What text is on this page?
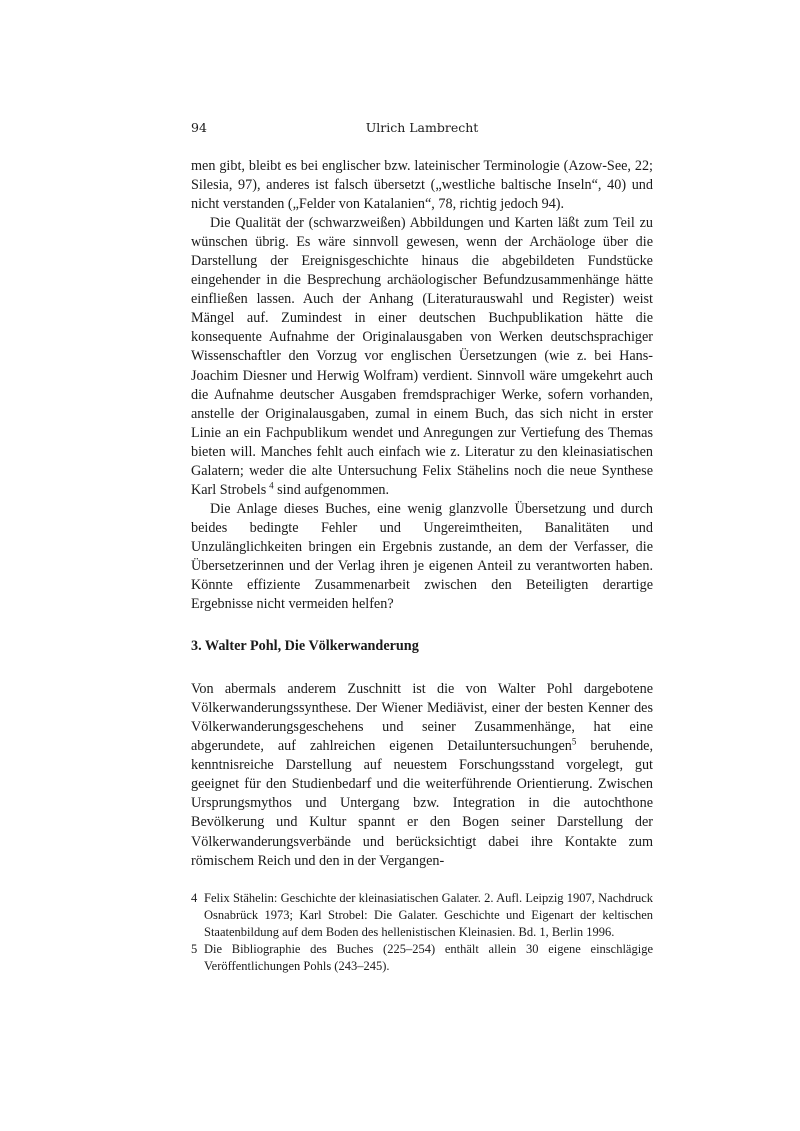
94	Ulrich Lambrecht

men gibt, bleibt es bei englischer bzw. lateinischer Terminologie (Azow-See, 22; Silesia, 97), anderes ist falsch übersetzt („westliche baltische Inseln“, 40) und nicht verstanden („Felder von Katalanien“, 78, richtig jedoch 94).

Die Qualität der (schwarzweißen) Abbildungen und Karten läßt zum Teil zu wünschen übrig. Es wäre sinnvoll gewesen, wenn der Archäologe über die Darstellung der Ereignisgeschichte hinaus die abgebildeten Fundstücke eingehender in die Besprechung archäologischer Befundzusammenhänge hätte einfließen lassen. Auch der Anhang (Literaturauswahl und Register) weist Mängel auf. Zumindest in einer deutschen Buchpublikation hätte die konsequente Aufnahme der Originalausgaben von Werken deutschsprachiger Wissenschaftler den Vorzug vor englischen Üersetzungen (wie z. bei Hans-Joachim Diesner und Herwig Wolfram) verdient. Sinnvoll wäre umgekehrt auch die Aufnahme deutscher Ausgaben fremdsprachiger Werke, sofern vorhanden, anstelle der Originalausgaben, zumal in einem Buch, das sich nicht in erster Linie an ein Fachpublikum wendet und Anregungen zur Vertiefung des Themas bieten will. Manches fehlt auch einfach wie z. Literatur zu den kleinasiatischen Galatern; weder die alte Untersuchung Felix Stähelins noch die neue Synthese Karl Strobels  $^4$ sind aufgenommen.

Die Anlage dieses Buches, eine wenig glanzvolle Übersetzung und durch beides bedingte Fehler und Ungereimtheiten, Banalitäten und Unzulänglichkeiten bringen ein Ergebnis zustande, an dem der Verfasser, die Übersetzerinnen und der Verlag ihren je eigenen Anteil zu verantworten haben. Könnte effiziente Zusammenarbeit zwischen den Beteiligten derartige Ergebnisse nicht vermeiden helfen?

3. Walter Pohl, Die Völkerwanderung

Von abermals anderem Zuschnitt ist die von Walter Pohl dargebotene Völkerwanderungssynthese. Der Wiener Mediävist, einer der besten Kenner des Völkerwanderungsgeschehens und seiner Zusammenhänge, hat eine abgerundete, auf zahlreichen eigenen Detailuntersuchungen$^5$ beruhende, kenntnisreiche Darstellung auf neuestem Forschungsstand vorgelegt, gut geeignet für den Studienbedarf und die weiterführende Orientierung. Zwischen Ursprungsmythos und Untergang bzw. Integration in die autochthone Bevölkerung und Kultur spannt er den Bogen seiner Darstellung der Völkerwanderungsverbände und berücksichtigt dabei ihre Kontakte zum römischem Reich und den in der Vergangen-

4 Felix Stähelin: Geschichte der kleinasiatischen Galater. 2. Aufl. Leipzig 1907, Nachdruck Osnabrück 1973; Karl Strobel: Die Galater. Geschichte und Eigenart der keltischen Staatenbildung auf dem Boden des hellenistischen Kleinasien. Bd. 1, Berlin 1996.
5 Die Bibliographie des Buches (225–254) enthält allein 30 eigene einschlägige Veröffentlichungen Pohls (243–245).
